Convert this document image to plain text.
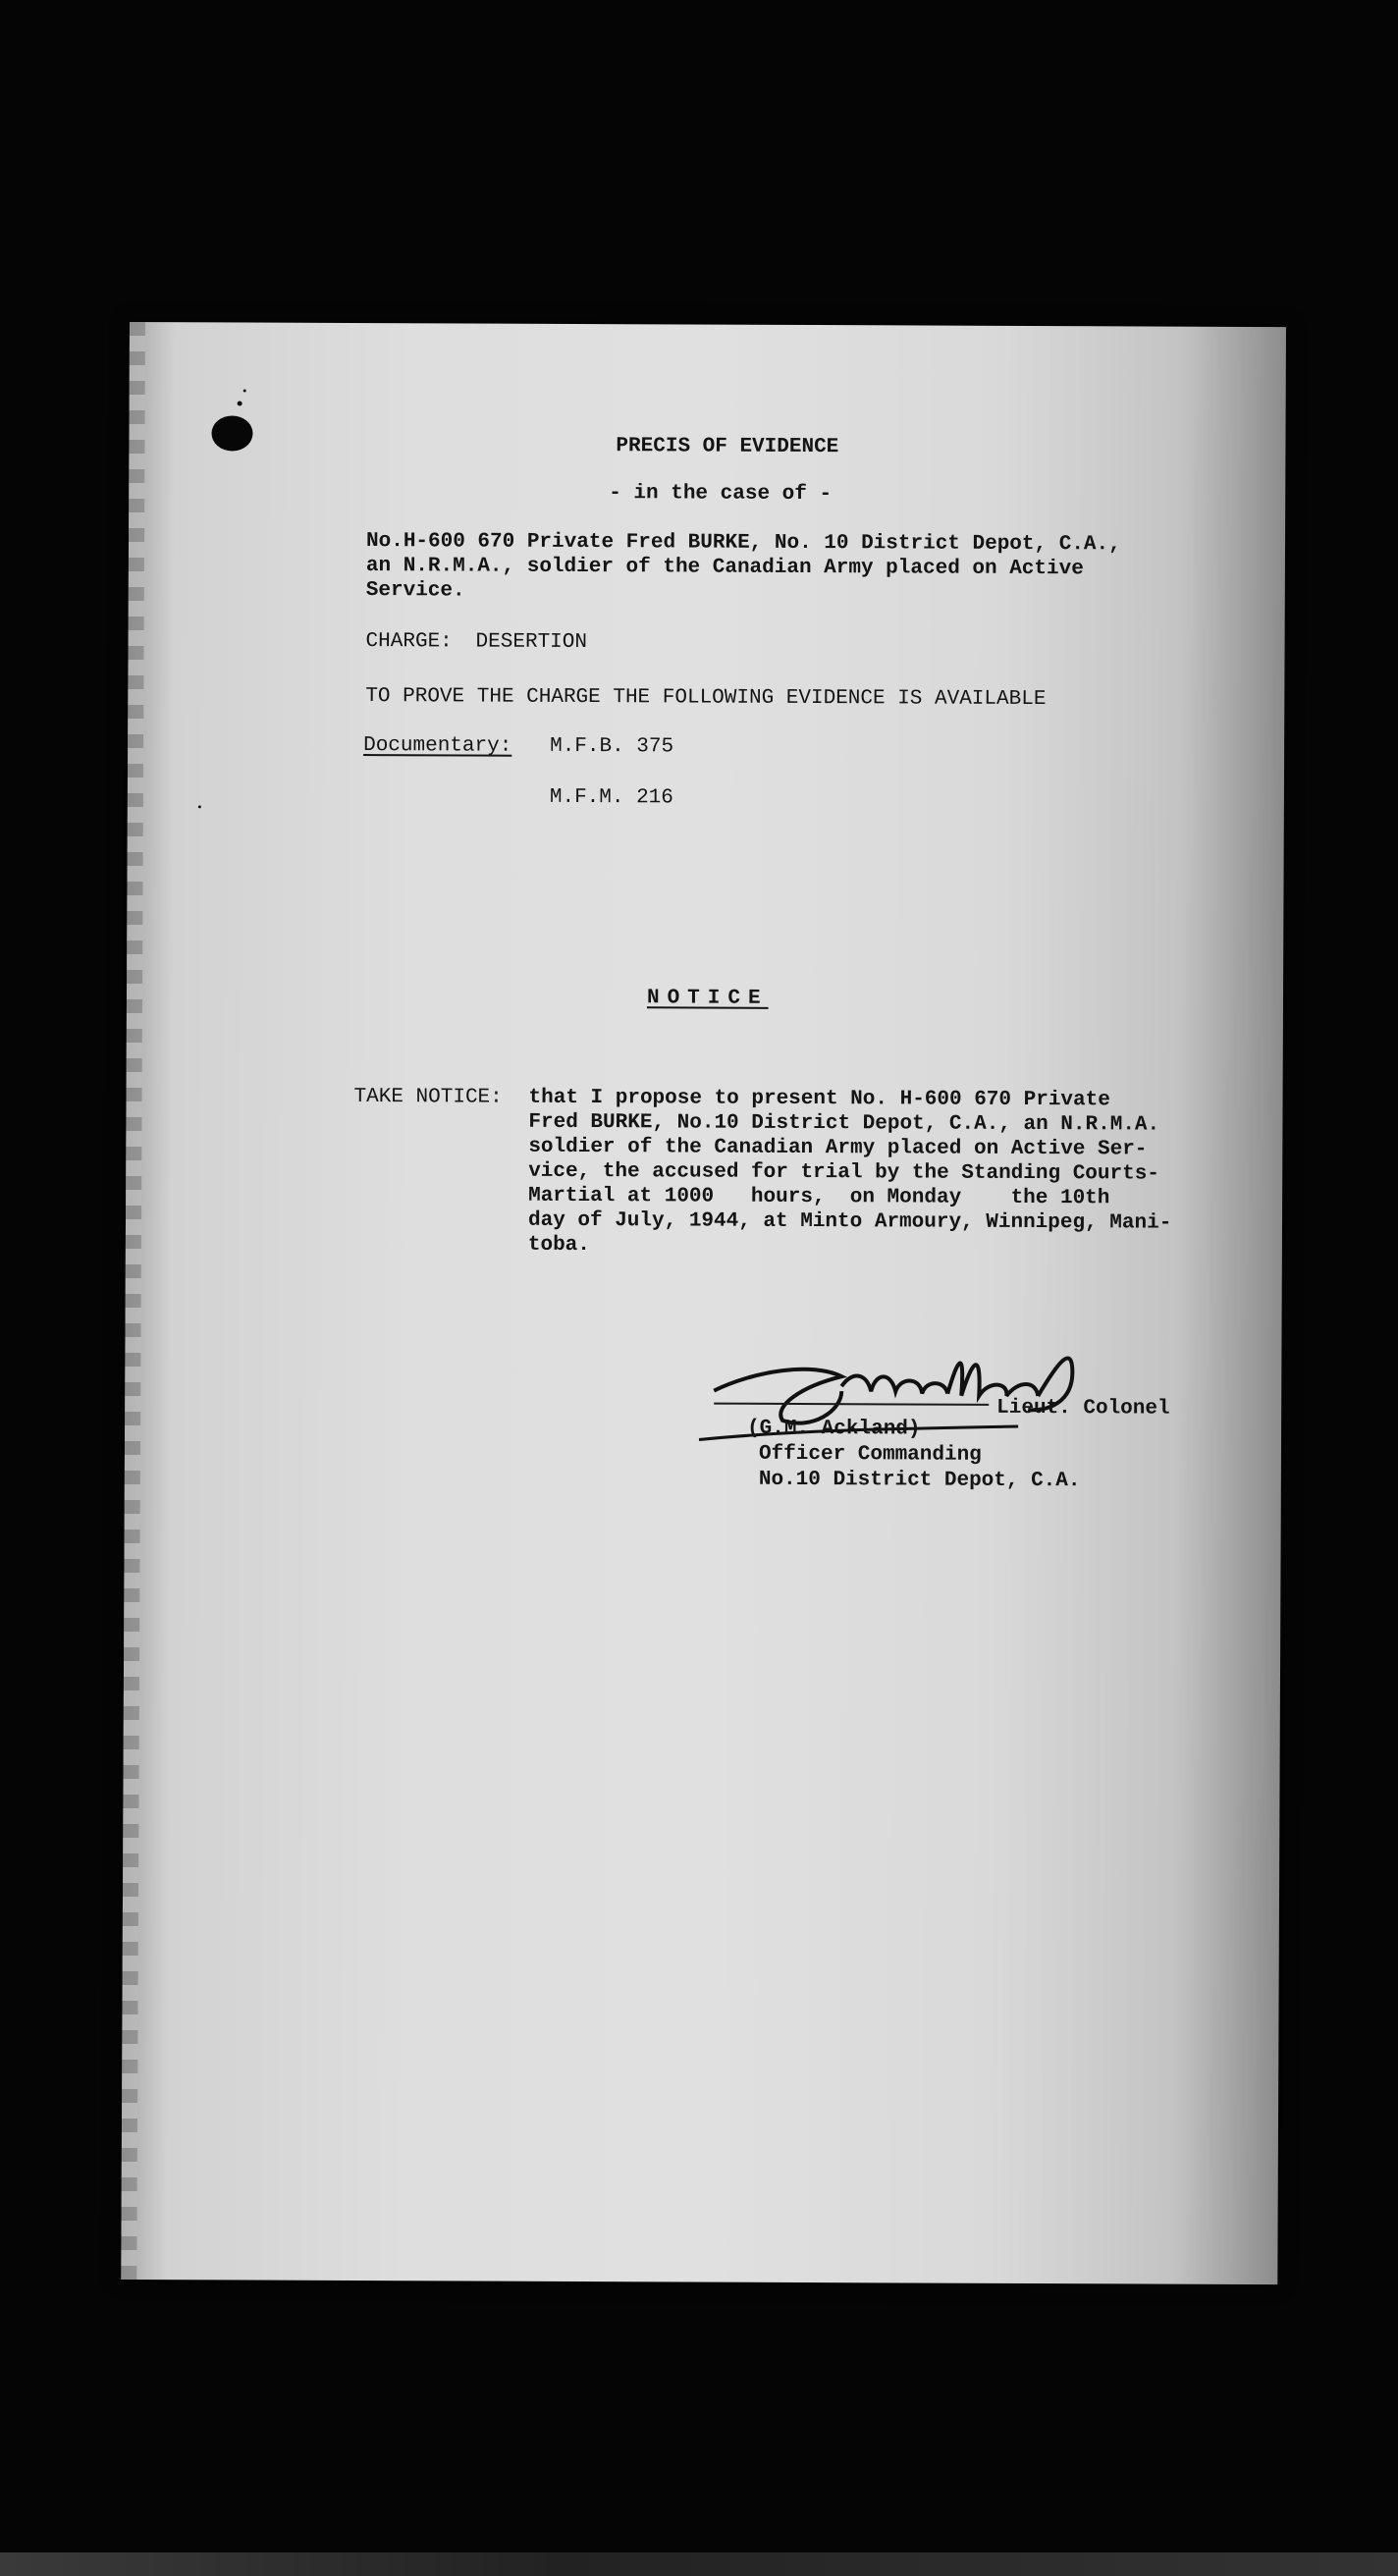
PRECIS OF EVIDENCE
- in the case of -
No.H-600 670 Private Fred BURKE, No. 10 District Depot, C.A.,
an N.R.M.A., soldier of the Canadian Army placed on Active
Service.
CHARGE: DESERTION
TO PROVE THE CHARGE THE FOLLOWING EVIDENCE IS AVAILABLE
Documentary: M.F.B. 375
M.F.M. 216
NOTICE
TAKE NOTICE: that I propose to present No. H-600 670 Private
Fred BURKE, No.10 District Depot, C.A., an N.R.M.A.
soldier of the Canadian Army placed on Active Ser-
vice, the accused for trial by the Standing Courts-
Martial at 1000   hours,  on Monday    the 10th
day of July, 1944, at Minto Armoury, Winnipeg, Mani-
toba.
Lieut. Colonel
(G.M. Ackland)
Officer Commanding
No.10 District Depot, C.A.
